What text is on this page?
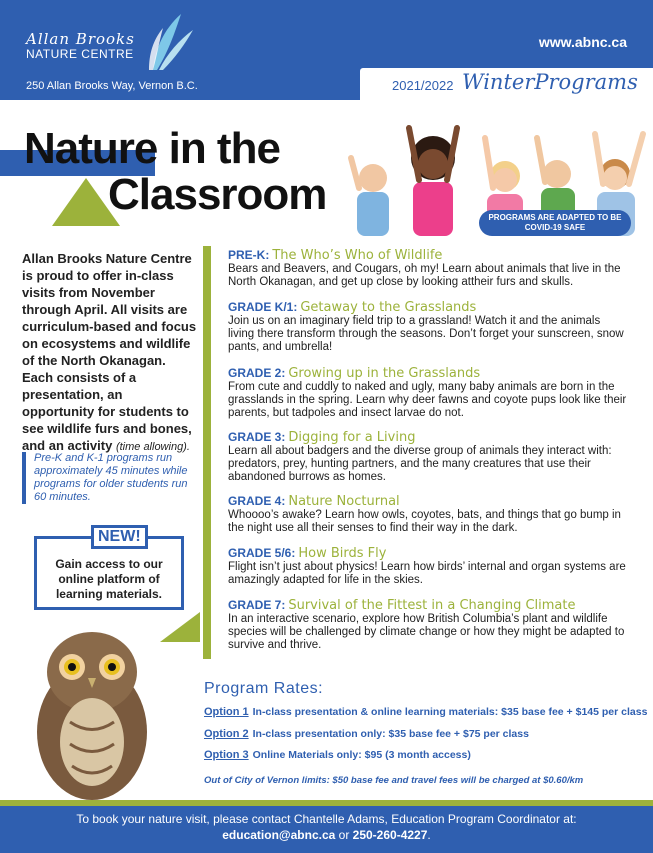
Allan Brooks
NATURE CENTRE
250 Allan Brooks Way, Vernon B.C.
www.abnc.ca
2021/2022 WinterPrograms
Nature in the
Classroom	PROGRAMS ARE ADAPTED TO BE COVID-19 SAFE
Allan Brooks Nature Centre is proud to offer in-class visits from November through April. All visits are curriculum-based and focus on ecosystems and wildlife of the North Okanagan. Each consists of a presentation, an opportunity for students to see wildlife furs and bones, and an activity (time allowing).
Pre-K and K-1 programs run approximately 45 minutes while programs for older students run 60 minutes.
NEW!
Gain access to our online platform of learning materials.
PRE-K: The Who’s Who of Wildlife
Bears and Beavers, and Cougars, oh my! Learn about animals that live in the North Okanagan, and get up close by looking attheir furs and skulls.
GRADE K/1: Getaway to the Grasslands
Join us on an imaginary field trip to a grassland! Watch it and the animals living there transform through the seasons. Don’t forget your sunscreen, snow pants, and umbrella!
GRADE 2: Growing up in the Grasslands
From cute and cuddly to naked and ugly, many baby animals are born in the grasslands in the spring. Learn why deer fawns and coyote pups look like their parents, but tadpoles and insect larvae do not.
GRADE 3: Digging for a Living
Learn all about badgers and the diverse group of animals they interact with: predators, prey, hunting partners, and the many creatures that use their abandoned burrows as homes.
GRADE 4: Nature Nocturnal
Whoooo’s awake? Learn how owls, coyotes, bats, and things that go bump in the night use all their senses to find their way in the dark.
GRADE 5/6: How Birds Fly
Flight isn’t just about physics! Learn how birds’ internal and organ systems are amazingly adapted for life in the skies.
GRADE 7: Survival of the Fittest in a Changing Climate
In an interactive scenario, explore how British Columbia’s plant and wildlife species will be challenged by climate change or how they might be adapted to survive and thrive.
Program Rates:
Option 1 In-class presentation & online learning materials: $35 base fee + $145 per class
Option 2 In-class presentation only: $35 base fee + $75 per class
Option 3 Online Materials only: $95 (3 month access)
Out of City of Vernon limits: $50 base fee and travel fees will be charged at $0.60/km
To book your nature visit, please contact Chantelle Adams, Education Program Coordinator at:
education@abnc.ca or 250-260-4227.
